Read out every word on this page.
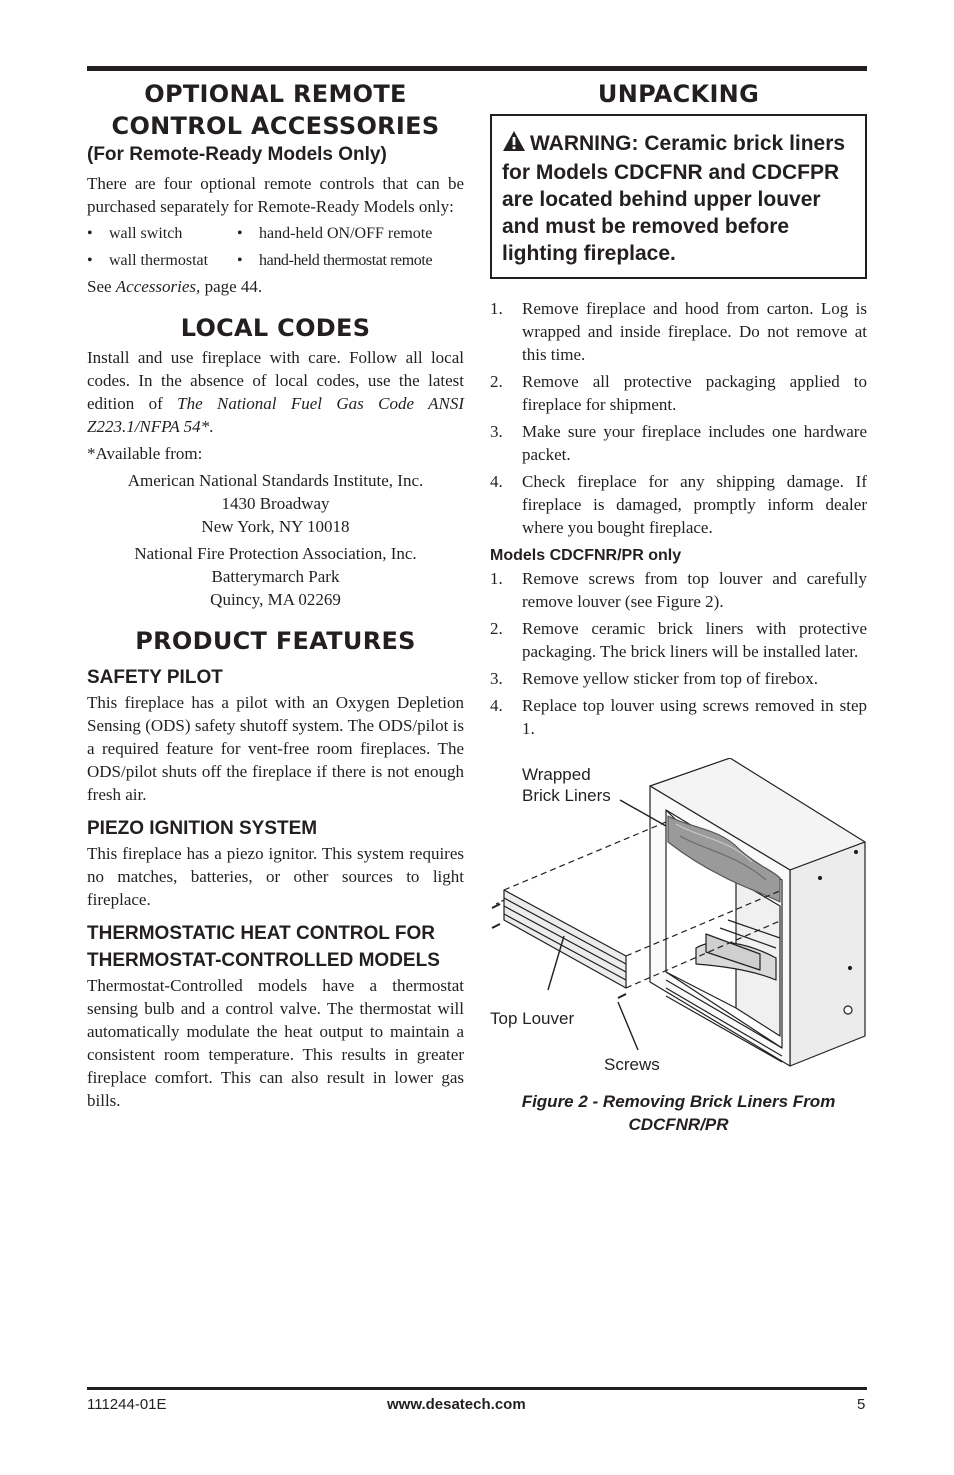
OPTIONAL REMOTE
CONTROL ACCESSORIES
(For Remote-Ready Models Only)

There are four optional remote controls that can be purchased separately for Remote-Ready Models only:

•	wall switch	•	hand-held ON/OFF remote
•	wall thermostat •	hand-held thermostat remote

See Accessories, page 44.

LOCAL CODES

Install and use fireplace with care. Follow all local codes. In the absence of local codes, use the latest edition of The National Fuel Gas Code ANSI Z223.1/NFPA 54*.

*Available from:

American National Standards Institute, Inc.

1430 Broadway

New York, NY 10018

National Fire Protection Association, Inc.

Batterymarch Park

Quincy, MA 02269

PRODUCT FEATURES
SAFETY PILOT

This fireplace has a pilot with an Oxygen Depletion Sensing (ODS) safety shutoff system. The ODS/pilot is a required feature for vent-free room fireplaces. The ODS/pilot shuts off the fireplace if there is not enough fresh air.

PIEZO IGNITION SYSTEM

This fireplace has a piezo ignitor. This system requires no matches, batteries, or other sources to light fireplace.

THERMOSTATIC HEAT CONTROL FOR THERMOSTAT-CONTROLLED MODELS

Thermostat-Controlled models have a thermostat sensing bulb and a control valve. The thermostat will automatically modulate the heat output to maintain a consistent room temperature. This results in greater fireplace comfort. This can also result in lower gas bills.

UNPACKING
WARNING: Ceramic brick liners for Models CDCFNR and CDCFPR are located behind upper louver and must be removed before lighting fireplace.
1.	Remove fireplace and hood from carton. Log is wrapped and inside fireplace. Do not remove at this time.
2.	Remove all protective packaging applied to fireplace for shipment.
3.	Make sure your fireplace includes one hardware packet.
4.	Check fireplace for any shipping damage. If fireplace is damaged, promptly inform dealer where you bought fireplace.
Models CDCFNR/PR only
1.	Remove screws from top louver and carefully remove louver (see Figure 2).
2.	Remove ceramic brick liners with protective packaging. The brick liners will be installed later.
3.	Remove yellow sticker from top of firebox.
4.	Replace top louver using screws removed in step 1.
Wrapped
Brick Liners
Top Louver
Screws
Figure 2 - Removing Brick Liners From
CDCFNR/PR
111244-01E	www.desatech.com	5
